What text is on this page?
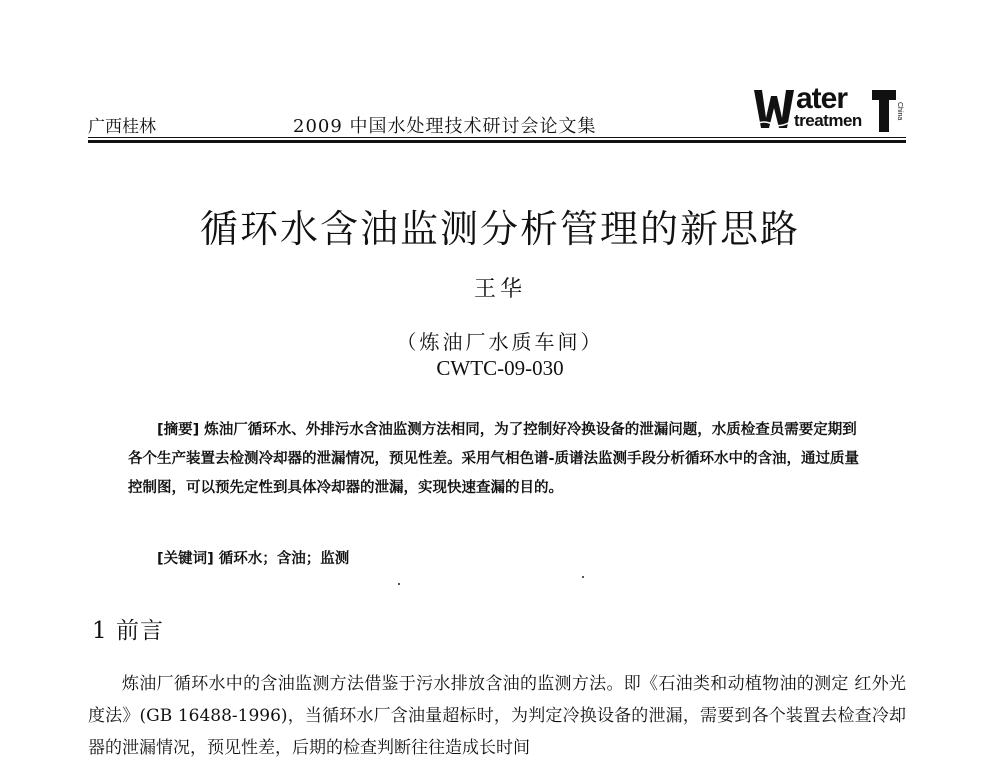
广西桂林	2009 中国水处理技术研讨会论文集
ater
treatmen	China
循环水含油监测分析管理的新思路
王华
（炼油厂水质车间）
CWTC-09-030
[摘要] 炼油厂循环水、外排污水含油监测方法相同，为了控制好冷换设备的泄漏问题，水质检查员需要定期到各个生产装置去检测冷却器的泄漏情况，预见性差。采用气相色谱-质谱法监测手段分析循环水中的含油，通过质量控制图，可以预先定性到具体冷却器的泄漏，实现快速查漏的目的。
[关键词] 循环水；含油；监测
1 前言
炼油厂循环水中的含油监测方法借鉴于污水排放含油的监测方法。即《石油类和动植物油的测定 红外光度法》(GB 16488-1996)，当循环水厂含油量超标时，为判定冷换设备的泄漏，需要到各个装置去检查冷却器的泄漏情况，预见性差，后期的检查判断往往造成长时间
